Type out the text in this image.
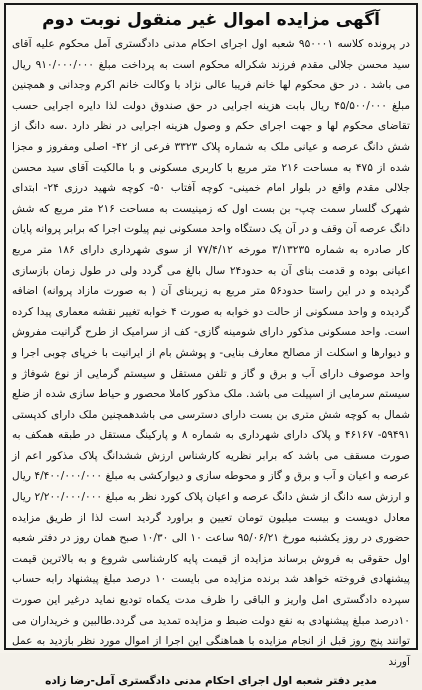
آگهی مزایده اموال غیر منقول نوبت دوم

در پرونده کلاسه ۹۵۰۰۰۱ شعبه اول اجرای احکام مدنی دادگستری آمل محکوم علیه آقای سید محسن جلالی مقدم فرزند شکراله محکوم است به پرداخت مبلغ ۹۱۰/۰۰۰/۰۰۰ ریال می باشد . در حق محکوم لها خانم فریبا عالی نژاد با وکالت خانم اکرم وجدانی و همچنین مبلغ ۴۵/۵۰۰/۰۰۰ ریال بابت هزینه اجرایی در حق صندوق دولت لذا دایره اجرایی حسب تقاضای محکوم لها و جهت اجرای حکم و وصول هزینه اجرایی در نظر دارد .سه دانگ از شش دانگ عرصه و عیانی ملک به شماره پلاک ۳۳۲۳ فرعی از ۴۲- اصلی ومفروز و مجزا شده از ۴۷۵ به مساحت ۲۱۶ متر مربع با کاربری مسکونی و با مالکیت آقای سید محسن جلالی مقدم واقع در بلوار امام خمینی- کوچه آفتاب ۵۰- کوچه شهید درزی ۲۴- ابتدای شهرک گلسار سمت چپ- بن بست اول که زمینیست به مساحت ۲۱۶ متر مربع که شش دانگ عرصه آن وقف و در آن یک دستگاه واحد مسکونی نیم پیلوت اجرا که برابر پروانه پایان کار صادره به شماره ۳/۱۳۲۳۵ مورخه ۷۷/۴/۱۲ از سوی شهرداری دارای ۱۸۶ متر مربع اعیانی بوده و قدمت بنای آن به حدود۲۴ سال بالغ می گردد ولی در طول زمان بازسازی گردیده و در این راستا حدود۵۶ متر مربع به زیربنای آن ( به صورت مازاد پروانه) اضافه گردیده و واحد مسکونی از حالت دو خوابه به صورت ۴ خوابه تغییر نقشه معماری پیدا کرده است. واحد مسکونی مذکور دارای شومینه گازی- کف از سرامیک از طرح گرانیت مفروش و دیوارها و اسکلت از مصالح معارف بنایی- و پوشش بام از ایرانیت با خرپای چوبی اجرا و واحد موصوف دارای آب و برق و گاز و تلفن مستقل و سیستم گرمایی از نوع شوفاژ و سیستم سرمایی از اسپیلت می باشد. ملک مذکور کاملا محصور و حیاط سازی شده از ضلع شمال به کوچه شش متری بن بست دارای دسترسی می باشدهمچنین ملک دارای کدپستی ۵۹۴۹۱- ۴۶۱۶۷ و پلاک دارای شهرداری به شماره ۸ و پارکینگ مستقل در طبقه همکف به صورت مسقف می باشد که برابر نظریه کارشناس ارزش ششدانگ پلاک مذکور اعم از عرصه و اعیان و آب و برق و گاز و محوطه سازی و دیوارکشی به مبلغ ۴/۴۰۰/۰۰۰/۰۰۰ ریال و ارزش سه دانگ از شش دانگ عرصه و اعیان پلاک کورد نظر به مبلغ ۲/۲۰۰/۰۰۰/۰۰۰ ریال معادل دویست و بیست میلیون تومان تعیین و براورد گردید است لذا از طریق مزایده حضوری در روز یکشنبه مورخ ۹۵/۰۶/۲۱ ساعت ۱۰ الی ۱۰/۳۰ صبح همان روز در دفتر شعبه اول حقوقی به فروش برساند مزایده از قیمت پایه کارشناسی شروع و به بالاترین قیمت پیشنهادی فروخته خواهد شد برنده مزایده می بایست ۱۰ درصد مبلغ پیشنهاد رابه حساب سپرده دادگستری امل واریز و الباقی را ظرف مدت یکماه تودیع نماید درغیر این صورت ۱۰درصد مبلغ پیشنهادی به نفع دولت ضبط و مزایده تمدید می گردد.طالبین و خریداران می توانند پنج روز قبل از انجام مزایده با هماهنگی این اجرا از اموال مورد نظر بازدید به عمل آورند

مدیر دفتر شعبه اول اجرای احکام مدنی دادگستری آمل-رضا زاده
